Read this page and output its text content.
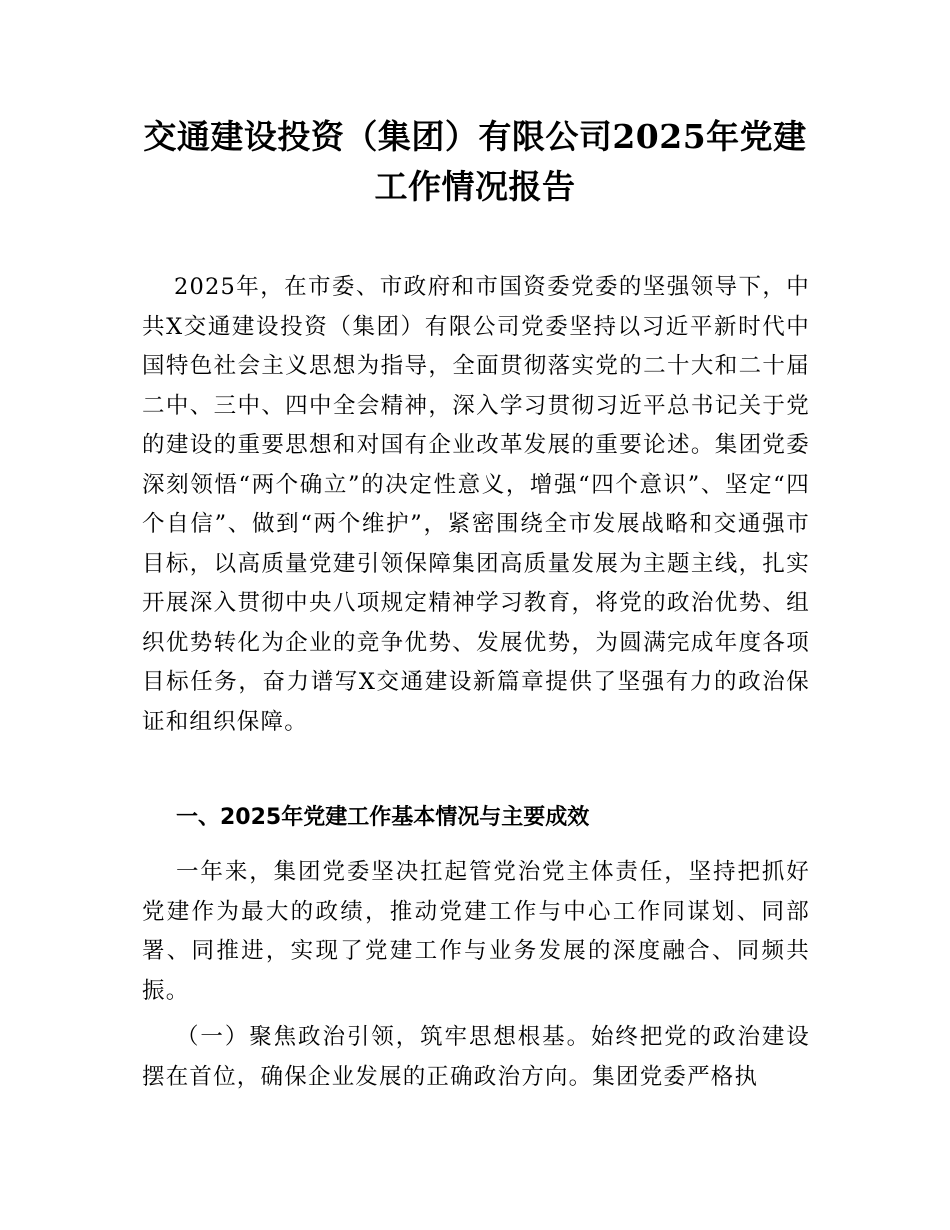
交通建设投资（集团）有限公司2025年党建
工作情况报告

2025年，在市委、市政府和市国资委党委的坚强领导下，中共X交通建设投资（集团）有限公司党委坚持以习近平新时代中国特色社会主义思想为指导，全面贯彻落实党的二十大和二十届二中、三中、四中全会精神，深入学习贯彻习近平总书记关于党的建设的重要思想和对国有企业改革发展的重要论述。集团党委深刻领悟“两个确立”的决定性意义，增强“四个意识”、坚定“四个自信”、做到“两个维护”，紧密围绕全市发展战略和交通强市目标，以高质量党建引领保障集团高质量发展为主题主线，扎实开展深入贯彻中央八项规定精神学习教育，将党的政治优势、组织优势转化为企业的竞争优势、发展优势，为圆满完成年度各项目标任务，奋力谱写X交通建设新篇章提供了坚强有力的政治保证和组织保障。

一、2025年党建工作基本情况与主要成效

一年来，集团党委坚决扛起管党治党主体责任，坚持把抓好党建作为最大的政绩，推动党建工作与中心工作同谋划、同部署、同推进，实现了党建工作与业务发展的深度融合、同频共振。

（一）聚焦政治引领，筑牢思想根基。始终把党的政治建设摆在首位，确保企业发展的正确政治方向。集团党委严格执
